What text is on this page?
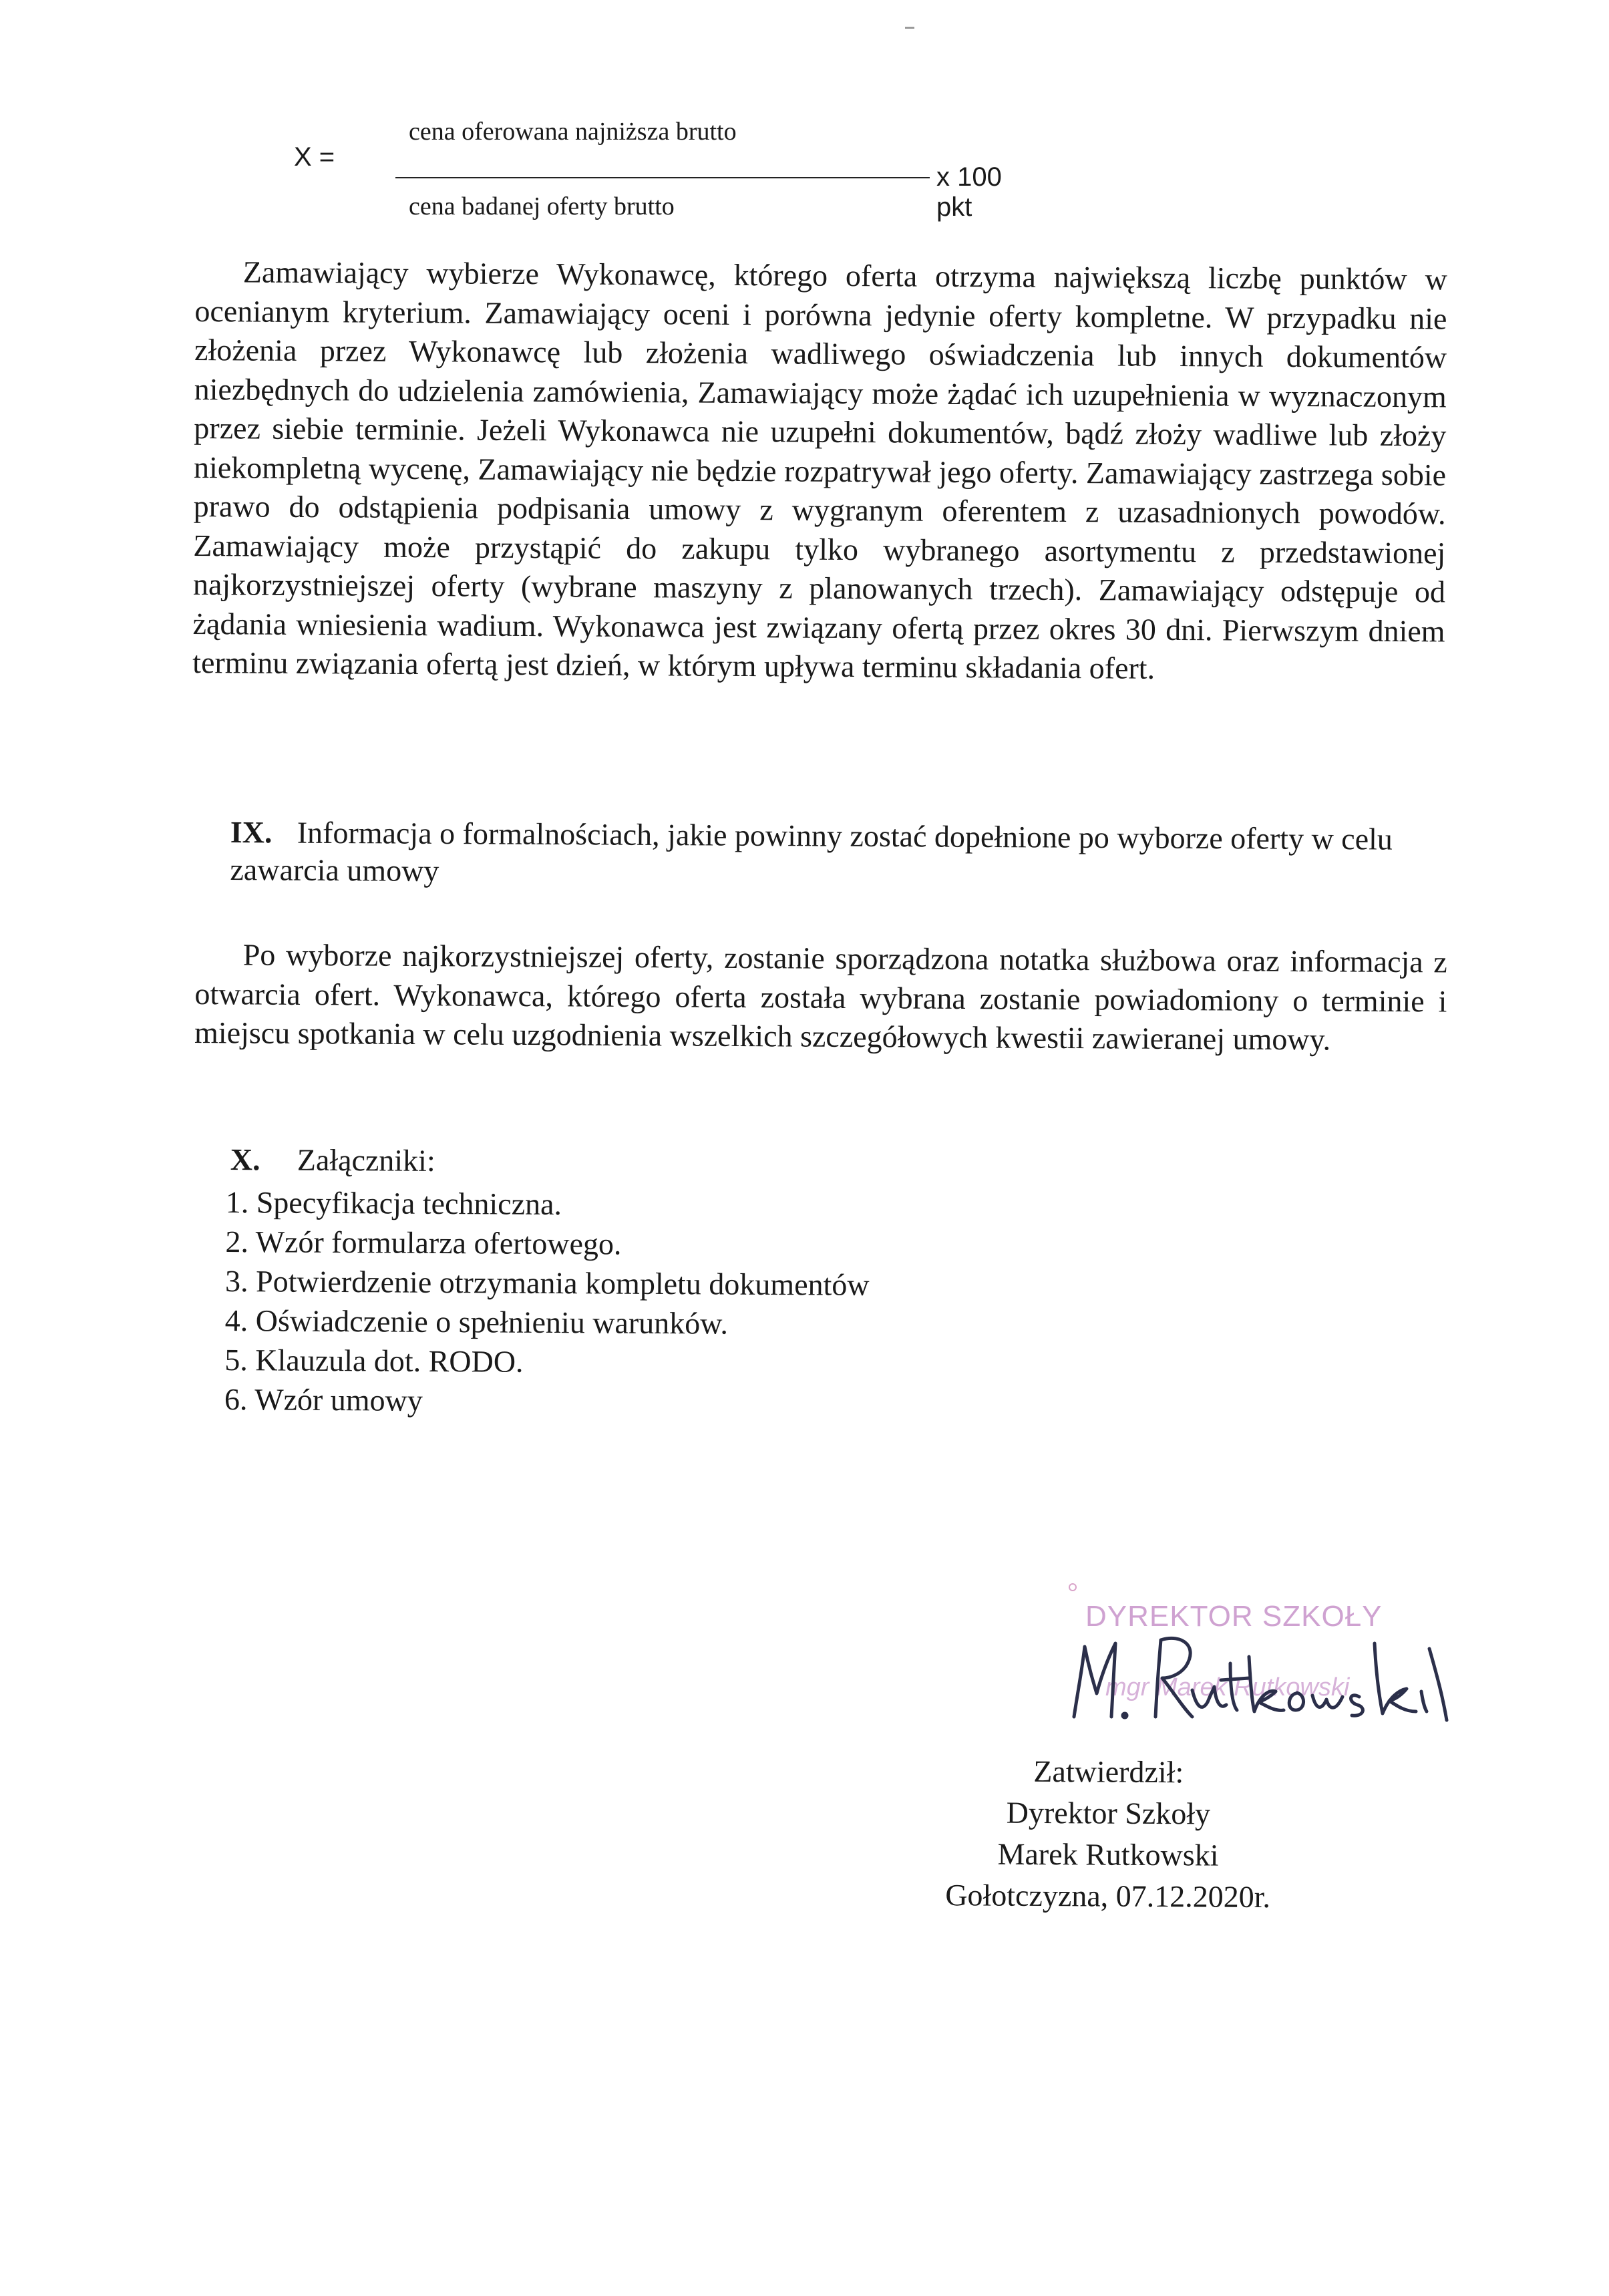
X =
cena oferowana najniższa brutto
x 100 pkt
cena badanej oferty brutto

Zamawiający wybierze Wykonawcę, którego oferta otrzyma największą liczbę punktów w ocenianym kryterium. Zamawiający oceni i porówna jedynie oferty kompletne. W przypadku nie złożenia przez Wykonawcę lub złożenia wadliwego oświadczenia lub innych dokumentów niezbędnych do udzielenia zamówienia, Zamawiający może żądać ich uzupełnienia w wyznaczonym przez siebie terminie. Jeżeli Wykonawca nie uzupełni dokumentów, bądź złoży wadliwe lub złoży niekompletną wycenę, Zamawiający nie będzie rozpatrywał jego oferty. Zamawiający zastrzega sobie prawo do odstąpienia podpisania umowy z wygranym oferentem z uzasadnionych powodów. Zamawiający może przystąpić do zakupu tylko wybranego asortymentu z przedstawionej najkorzystniejszej oferty (wybrane maszyny z planowanych trzech). Zamawiający odstępuje od żądania wniesienia wadium. Wykonawca jest związany ofertą przez okres 30 dni. Pierwszym dniem terminu związania ofertą jest dzień, w którym upływa terminu składania ofert.

IX. Informacja o formalnościach, jakie powinny zostać dopełnione po wyborze oferty w celu zawarcia umowy

Po wyborze najkorzystniejszej oferty, zostanie sporządzona notatka służbowa oraz informacja z otwarcia ofert. Wykonawca, którego oferta została wybrana zostanie powiadomiony o terminie i miejscu spotkania w celu uzgodnienia wszelkich szczegółowych kwestii zawieranej umowy.

X. Załączniki:
1. Specyfikacja techniczna.
2. Wzór formularza ofertowego.
3. Potwierdzenie otrzymania kompletu dokumentów
4. Oświadczenie o spełnieniu warunków.
5. Klauzula dot. RODO.
6. Wzór umowy
DYREKTOR SZKOŁY
mgr Marek Rutkowski
Zatwierdził:
Dyrektor Szkoły
Marek Rutkowski
Gołotczyzna, 07.12.2020r.
